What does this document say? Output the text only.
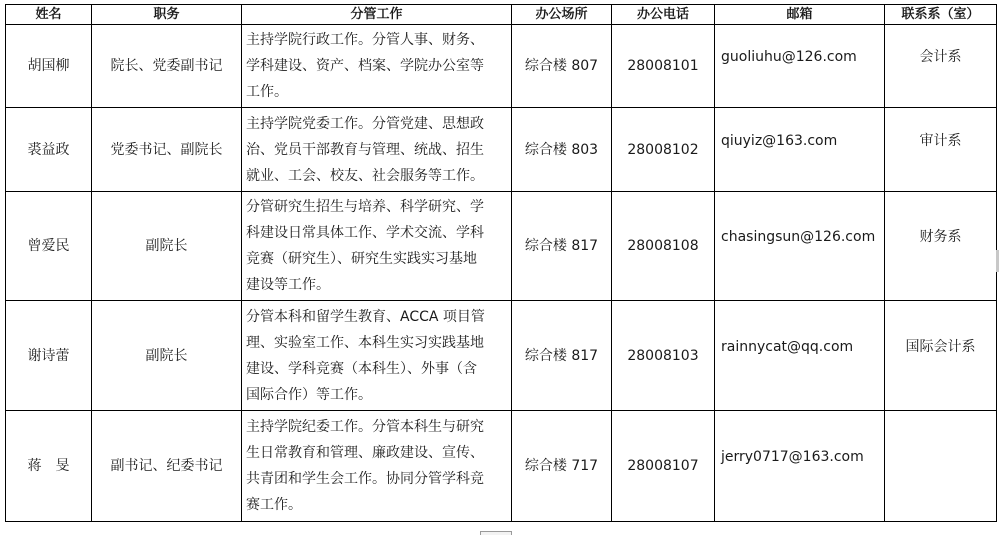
姓名	职务	分管工作	办公场所	办公电话	邮箱	联系系（室）
胡国柳	院长、党委副书记	主持学院行政工作。分管人事、财务、
学科建设、资产、档案、学院办公室等
工作。	综合楼 807	28008101	guoliuhu@126.com	会计系

裘益政	党委书记、副院长	主持学院党委工作。分管党建、思想政
治、党员干部教育与管理、统战、招生
就业、工会、校友、社会服务等工作。	综合楼 803	28008102	qiuyiz@163.com	审计系

曾爱民	副院长	分管研究生招生与培养、科学研究、学
科建设日常具体工作、学术交流、学科
竞赛（研究生）、研究生实践实习基地
建设等工作。	综合楼 817	28008108	chasingsun@126.com	财务系

谢诗蕾	副院长	分管本科和留学生教育、ACCA 项目管
理、实验室工作、本科生实习实践基地
建设、学科竞赛（本科生）、外事（含
国际合作）等工作。	综合楼 817	28008103	rainnycat@qq.com	国际会计系

蒋　旻	副书记、纪委书记	主持学院纪委工作。分管本科生与研究
生日常教育和管理、廉政建设、宣传、
共青团和学生会工作。协同分管学科竞
赛工作。	综合楼 717	28008107	jerry0717@163.com	
